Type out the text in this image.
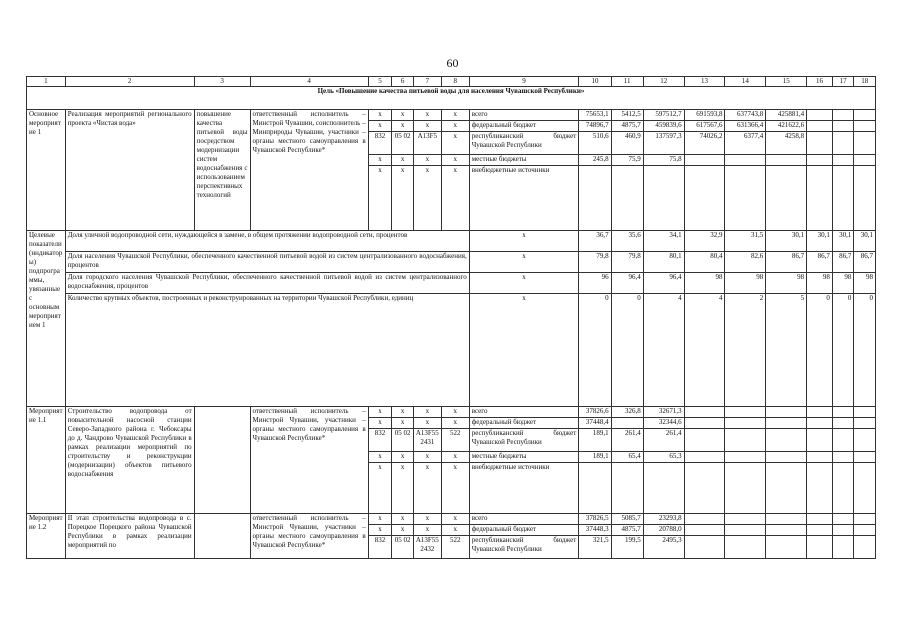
60
1	2	3	4	5	6	7	8	9	10	11	12	13	14	15	16	17	18
Цель «Повышение качества питьевой воды для населения Чувашской Республики»																	
Основное мероприятие 1	Реализация мероприятий регионального проекта «Чистая вода»	повышение качества питьевой воды посредством модернизации систем водоснабжения с использованием перспективных технологий	ответственный исполнитель – Минстрой Чувашии, соисполнитель – Минприроды Чувашии, участники – органы местного самоуправления в Чувашской Республике*	x	x	x	x	всего	75653,1	5412,5	597512,7	691593,8	637743,8	425881,4			
				x	x	x	x	федеральный бюджет	74896,7	4875,7	459839,6	617567,6	631366,4	421622,6			
				832	05 02	A13F5	x	республиканский бюджет Чувашской Республики	510,6	460,9	137597,3	74026,2	6377,4	4258,8			
				x	x	x	x	местные бюджеты	245,8	75,9	75,8						
				x	x	x	x	внебюджетные источники									
Целевые показатели (индикаторы) подпрограммы, увязанные с основным мероприятием 1	Доля уличной водопроводной сети, нуждающейся в замене, в общем протяжении водопроводной сети, процентов							x	36,7	35,6	34,1	32,9	31,5	30,1	30,1	30,1	30,1
	Доля населения Чувашской Республики, обеспеченного качественной питьевой водой из систем централизованного водоснабжения, процентов							x	79,8	79,8	80,1	80,4	82,6	86,7	86,7	86,7	86,7
	Доля городского населения Чувашской Республики, обеспеченного качественной питьевой водой из систем централизованного водоснабжения, процентов							x	96	96,4	96,4	98	98	98	98	98	98
	Количество крупных объектов, построенных и реконструированных на территории Чувашской Республики, единиц							x	0	0	4	4	2	5	0	0	0
Мероприятие 1.1	Строительство водопровода от повысительной насосной станции Северо-Западного района г. Чебоксары до д. Чандрово Чувашской Республики в рамках реализации мероприятий по строительству и реконструкции (модернизации) объектов питьевого водоснабжения		ответственный исполнитель – Минстрой Чувашии, участники – органы местного самоуправления в Чувашской Республике*	x	x	x	x	всего	37826,6	326,8	32671,3						
				x	x	x	x	федеральный бюджет	37448,4		32344,6						
				832	05 02	A13F552431	522	республиканский бюджет Чувашской Республики	189,1	261,4	261,4						
				x	x	x	x	местные бюджеты	189,1	65,4	65,3						
				x	x	x	x	внебюджетные источники									
Мероприятие 1.2	II этап строительства водопровода в с. Порецкое Порецкого района Чувашской Республики в рамках реализации мероприятий по		ответственный исполнитель – Минстрой Чувашии, участники – органы местного самоуправления в Чувашской Республике*	x	x	x	x	всего	37826,5	5085,7	23293,8						
				x	x	x	x	федеральный бюджет	37448,3	4875,7	20788,0						
				832	05 02	A13F552432	522	республиканский бюджет Чувашской Республики	321,5	199,5	2495,3						
